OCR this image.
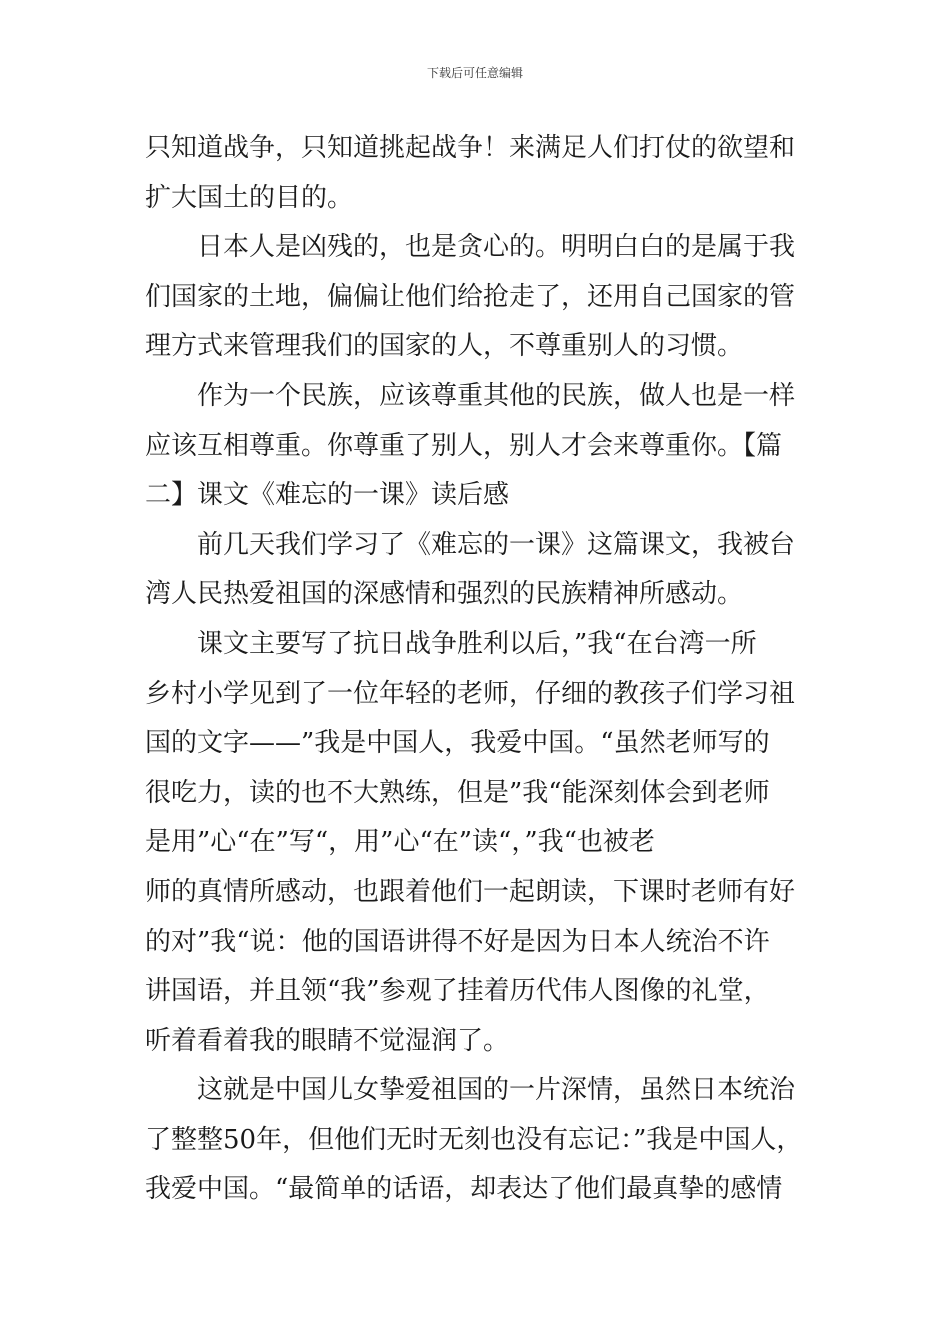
下载后可任意编辑
只知道战争，只知道挑起战争！来满足人们打仗的欲望和
扩大国土的目的。
日本人是凶残的，也是贪心的。明明白白的是属于我
们国家的土地，偏偏让他们给抢走了，还用自己国家的管
理方式来管理我们的国家的人，不尊重别人的习惯。
作为一个民族，应该尊重其他的民族，做人也是一样
应该互相尊重。你尊重了别人，别人才会来尊重你。【篇
二】课文《难忘的一课》读后感
前几天我们学习了《难忘的一课》这篇课文，我被台
湾人民热爱祖国的深感情和强烈的民族精神所感动。
课文主要写了抗日战争胜利以后，”我“在台湾一所
乡村小学见到了一位年轻的老师，仔细的教孩子们学习祖
国的文字——”我是中国人，我爱中国。“虽然老师写的
很吃力，读的也不大熟练，但是”我“能深刻体会到老师
是用”心“在”写“，用”心“在”读“，”我“也被老
师的真情所感动，也跟着他们一起朗读，下课时老师有好
的对”我“说：他的国语讲得不好是因为日本人统治不许
讲国语，并且领“我”参观了挂着历代伟人图像的礼堂，
听着看着我的眼睛不觉湿润了。
这就是中国儿女挚爱祖国的一片深情，虽然日本统治
了整整50年，但他们无时无刻也没有忘记：”我是中国人，
我爱中国。“最简单的话语，却表达了他们最真挚的感情
